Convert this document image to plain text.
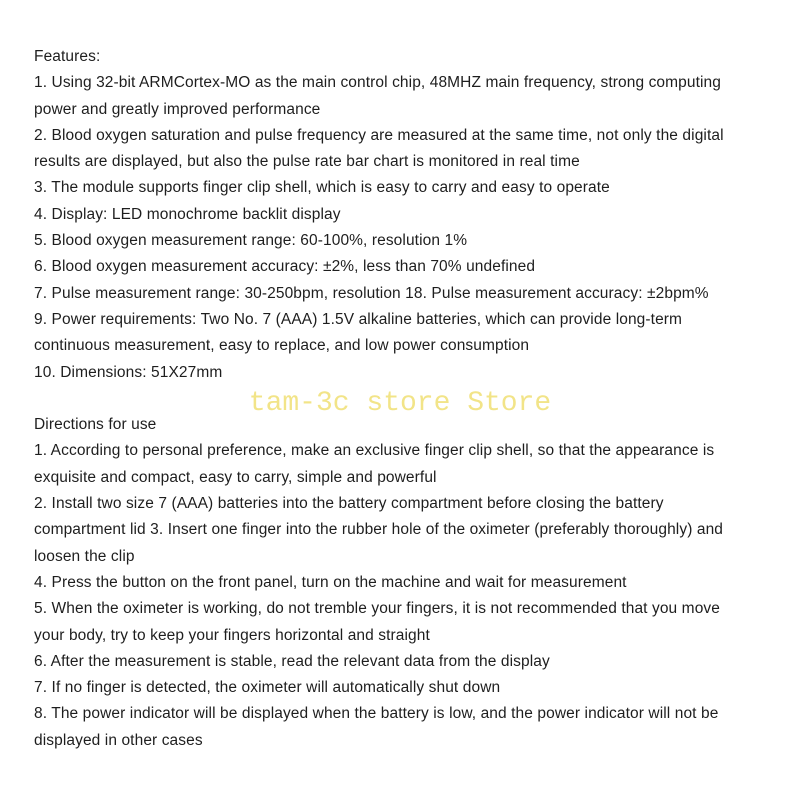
Features:
1. Using 32-bit ARMCortex-MO as the main control chip, 48MHZ main frequency, strong computing
power and greatly improved performance
2. Blood oxygen saturation and pulse frequency are measured at the same time, not only the digital
results are displayed, but also the pulse rate bar chart is monitored in real time
3. The module supports finger clip shell, which is easy to carry and easy to operate
4. Display: LED monochrome backlit display
5. Blood oxygen measurement range: 60-100%, resolution 1%
6. Blood oxygen measurement accuracy: ±2%, less than 70% undefined
7. Pulse measurement range: 30-250bpm, resolution 18. Pulse measurement accuracy: ±2bpm%
9. Power requirements: Two No. 7 (AAA) 1.5V alkaline batteries, which can provide long-term
continuous measurement, easy to replace, and low power consumption
10. Dimensions: 51X27mm
Directions for use
1. According to personal preference, make an exclusive finger clip shell, so that the appearance is
exquisite and compact, easy to carry, simple and powerful
2. Install two size 7 (AAA) batteries into the battery compartment before closing the battery
compartment lid 3. Insert one finger into the rubber hole of the oximeter (preferably thoroughly) and
loosen the clip
4. Press the button on the front panel, turn on the machine and wait for measurement
5. When the oximeter is working, do not tremble your fingers, it is not recommended that you move
your body, try to keep your fingers horizontal and straight
6. After the measurement is stable, read the relevant data from the display
7. If no finger is detected, the oximeter will automatically shut down
8. The power indicator will be displayed when the battery is low, and the power indicator will not be
displayed in other cases
tam-3c store Store
